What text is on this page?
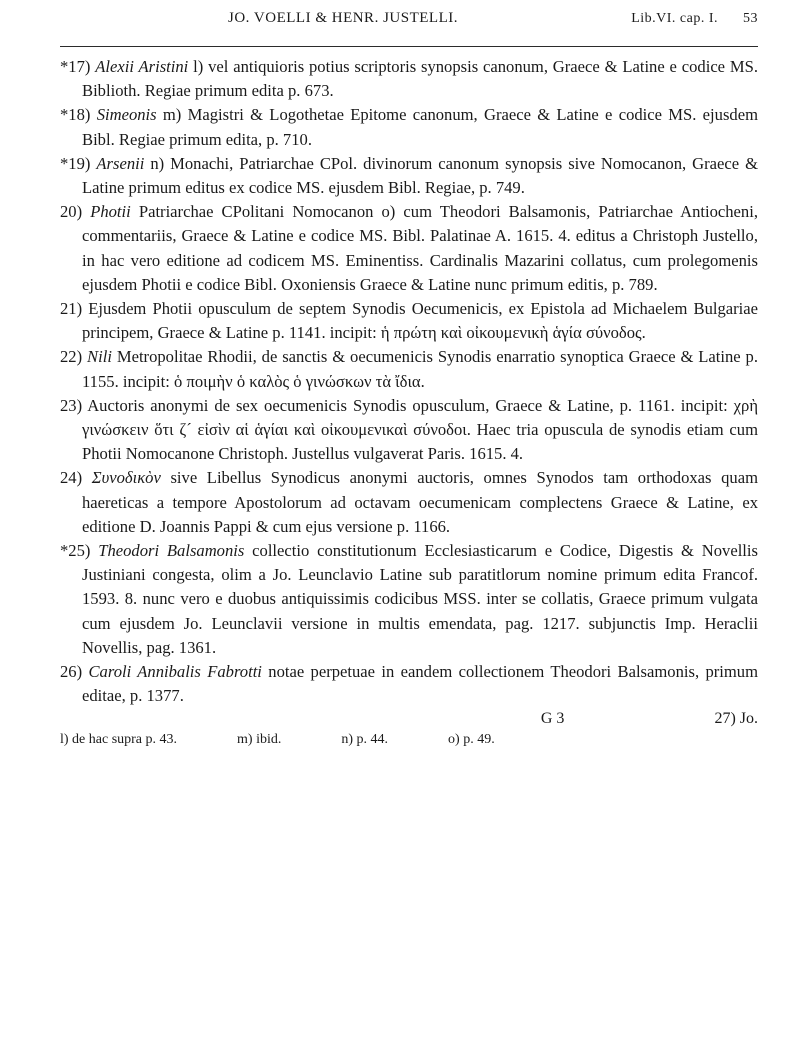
JO. VOELLI & HENR. JUSTELLI.	Lib.VI. cap. I.	53

*17) Alexii Aristini l) vel antiquioris potius scriptoris synopsis canonum, Graece & Latine e codice MS. Biblioth. Regiae primum edita p. 673.

*18) Simeonis m) Magistri & Logothetae Epitome canonum, Graece & Latine e codice MS. ejusdem Bibl. Regiae primum edita, p. 710.

*19) Arsenii n) Monachi, Patriarchae CPol. divinorum canonum synopsis sive Nomocanon, Graece & Latine primum editus ex codice MS. ejusdem Bibl. Regiae, p. 749.

20) Photii Patriarchae CPolitani Nomocanon o) cum Theodori Balsamonis, Patriarchae Antiocheni, commentariis, Graece & Latine e codice MS. Bibl. Palatinae A. 1615. 4. editus a Christoph Justello, in hac vero editione ad codicem MS. Eminentiss. Cardinalis Mazarini collatus, cum prolegomenis ejusdem Photii e codice Bibl. Oxoniensis Graece & Latine nunc primum editis, p. 789.

21) Ejusdem Photii opusculum de septem Synodis Oecumenicis, ex Epistola ad Michaelem Bulgariae principem, Graece & Latine p. 1141. incipit: ἡ πρώτη καὶ οἰκουμενικὴ ἁγία σύνοδος.

22) Nili Metropolitae Rhodii, de sanctis & oecumenicis Synodis enarratio synoptica Graece & Latine p. 1155. incipit: ὁ ποιμὴν ὁ καλὸς ὁ γινώσκων τὰ ἴδια.

23) Auctoris anonymi de sex oecumenicis Synodis opusculum, Graece & Latine, p. 1161. incipit: χρὴ γινώσκειν ὅτι ζ´ εἰσὶν αἱ ἁγίαι καὶ οἰκουμενικαὶ σύνοδοι. Haec tria opuscula de synodis etiam cum Photii Nomocanone Christoph. Justellus vulgaverat Paris. 1615. 4.

24) Συνοδικὸν sive Libellus Synodicus anonymi auctoris, omnes Synodos tam orthodoxas quam haereticas a tempore Apostolorum ad octavam oecumenicam complectens Graece & Latine, ex editione D. Joannis Pappi & cum ejus versione p. 1166.

*25) Theodori Balsamonis collectio constitutionum Ecclesiasticarum e Codice, Digestis & Novellis Justiniani congesta, olim a Jo. Leunclavio Latine sub paratitlorum nomine primum edita Francof. 1593. 8. nunc vero e duobus antiquissimis codicibus MSS. inter se collatis, Graece primum vulgata cum ejusdem Jo. Leunclavii versione in multis emendata, pag. 1217. subjunctis Imp. Heraclii Novellis, pag. 1361.

26) Caroli Annibalis Fabrotti notae perpetuae in eandem collectionem Theodori Balsamonis, primum editae, p. 1377.

G 3	27) Jo.
l) de hac supra p. 43.	m) ibid.	n) p. 44.	o) p. 49.
